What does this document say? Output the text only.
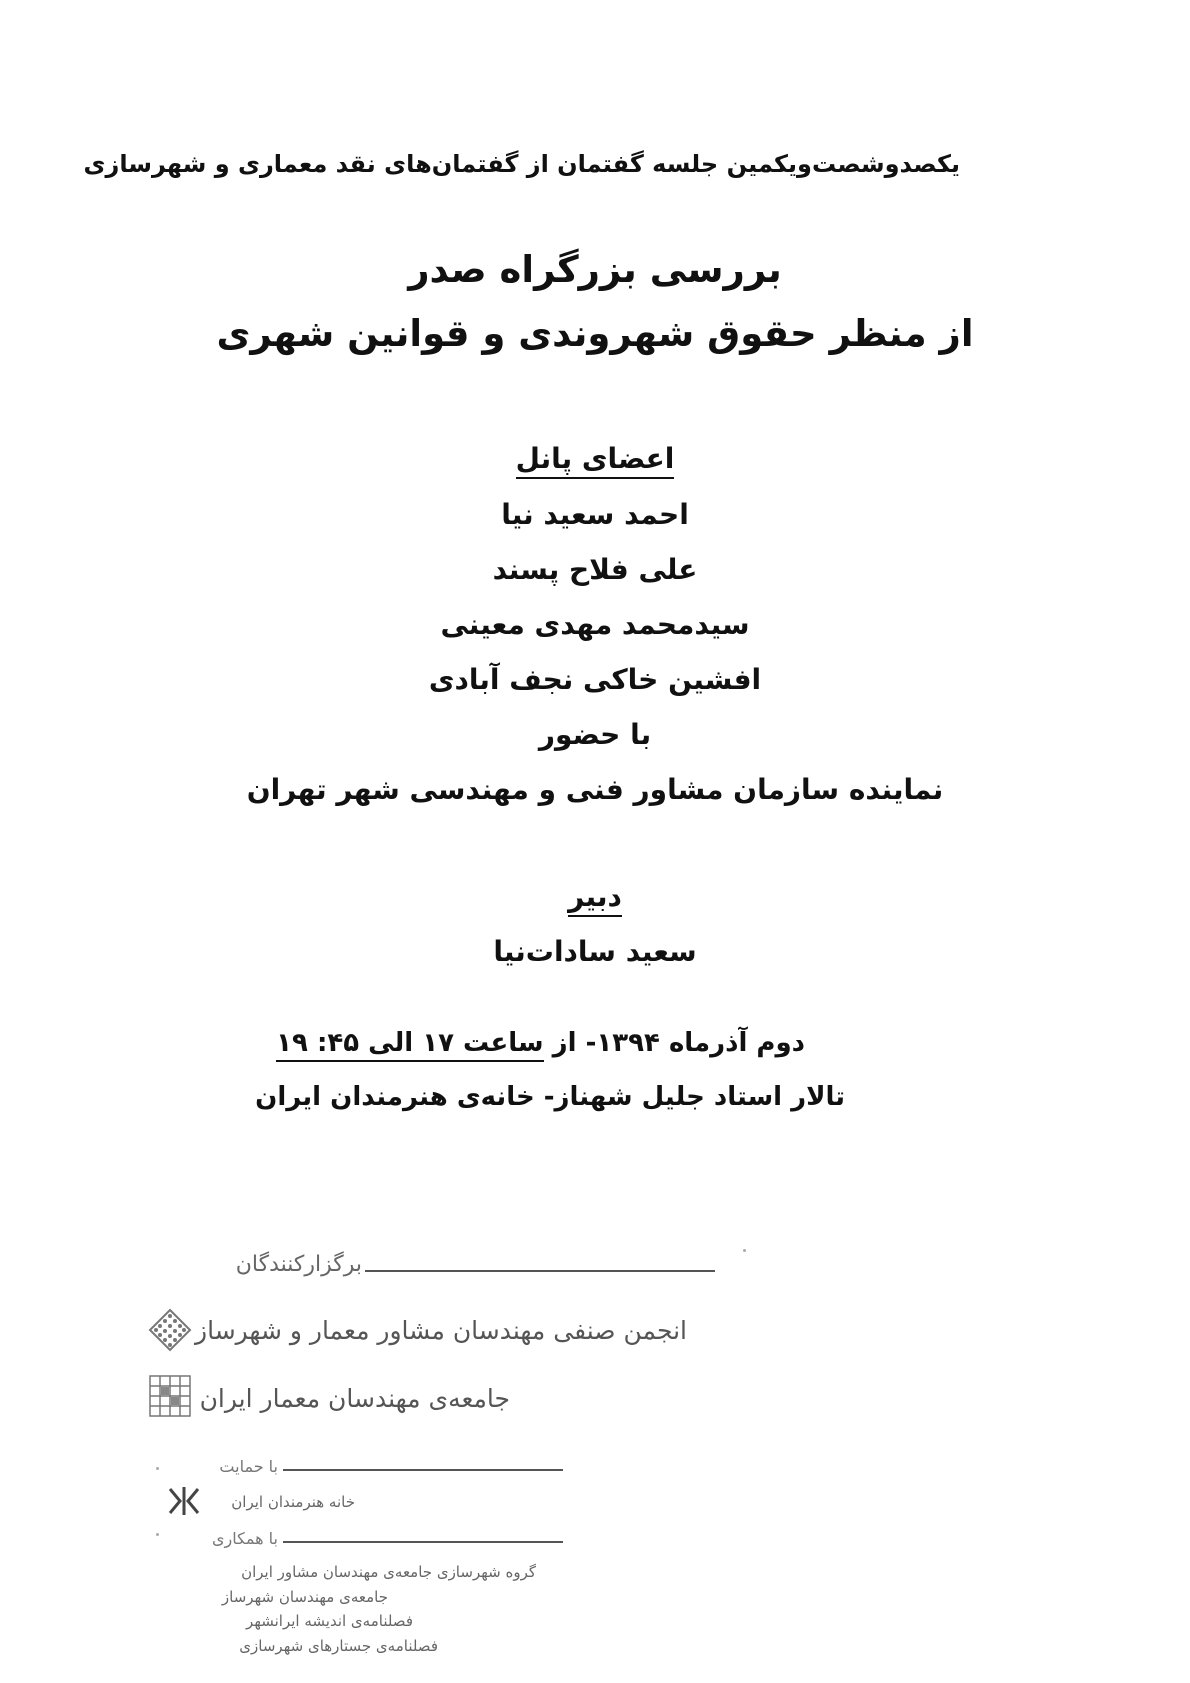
یکصدوشصت‌ویکمین جلسه گفتمان از گفتمان‌های نقد معماری و شهرسازی
بررسی بزرگراه صدر
از منظر حقوق شهروندی و قوانین شهری
اعضای پانل
احمد سعید نیا
علی فلاح پسند
سیدمحمد مهدی معینی
افشین خاکی نجف آبادی
با حضور
نماینده سازمان مشاور فنی و مهندسی شهر تهران
دبیر
سعید سادات‌نیا
دوم آذرماه ۱۳۹۴- از ساعت ۱۷ الی ۴۵: ۱۹
تالار استاد جلیل شهناز- خانه‌ی هنرمندان ایران
برگزارکنندگان
انجمن صنفی مهندسان مشاور معمار و شهرساز
جامعه‌ی مهندسان معمار ایران
با حمایت
خانه هنرمندان ایران
با همکاری
گروه شهرسازی جامعه‌ی مهندسان مشاور ایران
جامعه‌ی مهندسان شهرساز
فصلنامه‌ی اندیشه ایرانشهر
فصلنامه‌ی جستارهای شهرسازی
